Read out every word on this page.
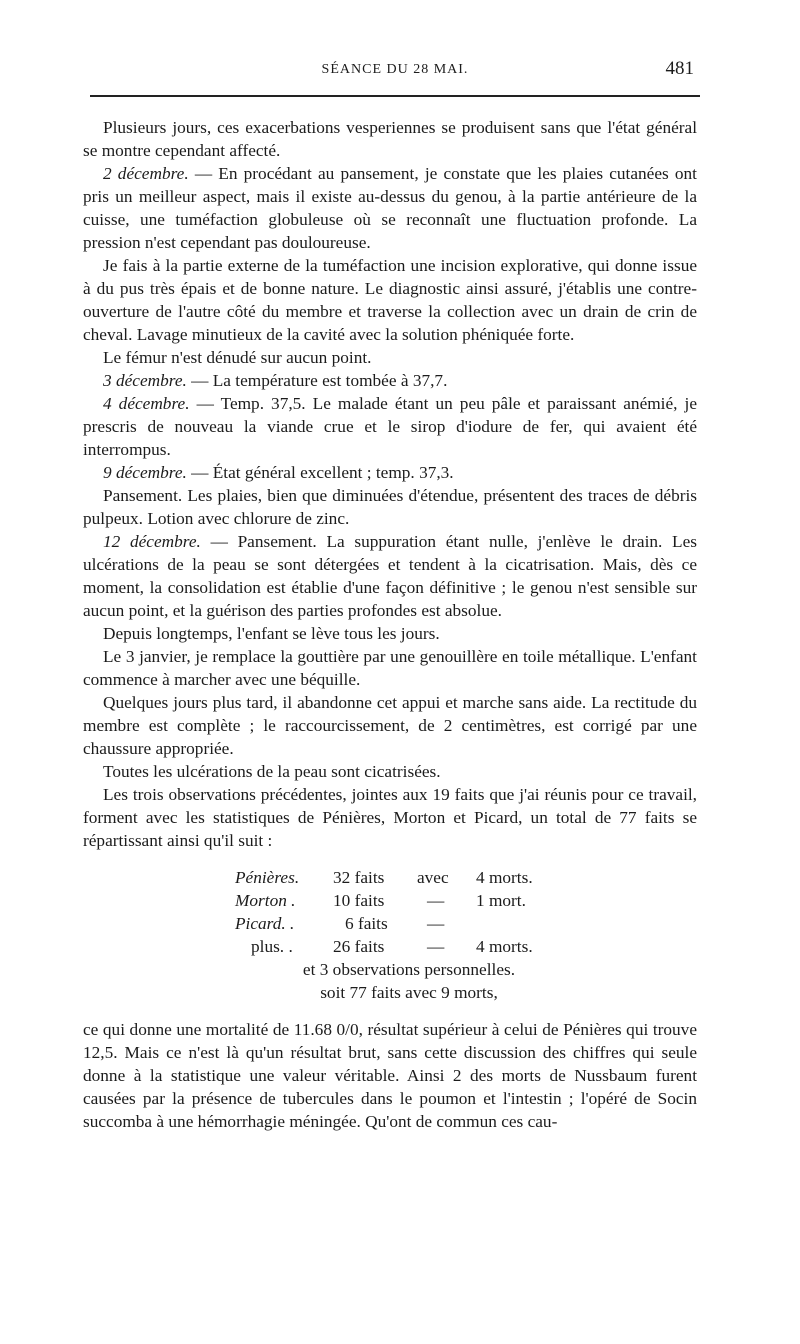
SÉANCE DU 28 MAI.	481

Plusieurs jours, ces exacerbations vesperiennes se produisent sans que l'état général se montre cependant affecté.

2 décembre. — En procédant au pansement, je constate que les plaies cutanées ont pris un meilleur aspect, mais il existe au-dessus du genou, à la partie antérieure de la cuisse, une tuméfaction globuleuse où se reconnaît une fluctuation profonde. La pression n'est cependant pas douloureuse.

Je fais à la partie externe de la tuméfaction une incision explorative, qui donne issue à du pus très épais et de bonne nature. Le diagnostic ainsi assuré, j'établis une contre-ouverture de l'autre côté du membre et traverse la collection avec un drain de crin de cheval. Lavage minutieux de la cavité avec la solution phéniquée forte.

Le fémur n'est dénudé sur aucun point.

3 décembre. — La température est tombée à 37,7.

4 décembre. — Temp. 37,5. Le malade étant un peu pâle et paraissant anémié, je prescris de nouveau la viande crue et le sirop d'iodure de fer, qui avaient été interrompus.

9 décembre. — État général excellent ; temp. 37,3.

Pansement. Les plaies, bien que diminuées d'étendue, présentent des traces de débris pulpeux. Lotion avec chlorure de zinc.

12 décembre. — Pansement. La suppuration étant nulle, j'enlève le drain. Les ulcérations de la peau se sont détergées et tendent à la cicatrisation. Mais, dès ce moment, la consolidation est établie d'une façon définitive ; le genou n'est sensible sur aucun point, et la guérison des parties profondes est absolue.

Depuis longtemps, l'enfant se lève tous les jours.

Le 3 janvier, je remplace la gouttière par une genouillère en toile métallique. L'enfant commence à marcher avec une béquille.

Quelques jours plus tard, il abandonne cet appui et marche sans aide. La rectitude du membre est complète ; le raccourcissement, de 2 centimètres, est corrigé par une chaussure appropriée.

Toutes les ulcérations de la peau sont cicatrisées.

Les trois observations précédentes, jointes aux 19 faits que j'ai réunis pour ce travail, forment avec les statistiques de Pénières, Morton et Picard, un total de 77 faits se répartissant ainsi qu'il suit :

Pénières. 32 faits avec 4 morts.
Morton . 10 faits — 1 mort.
Picard. .	6 faits —
plus. . 26 faits — 4 morts.
et 3 observations personnelles.
soit 77 faits avec 9 morts,

ce qui donne une mortalité de 11.68 0/0, résultat supérieur à celui de Pénières qui trouve 12,5. Mais ce n'est là qu'un résultat brut, sans cette discussion des chiffres qui seule donne à la statistique une valeur véritable. Ainsi 2 des morts de Nussbaum furent causées par la présence de tubercules dans le poumon et l'intestin ; l'opéré de Socin succomba à une hémorrhagie méningée. Qu'ont de commun ces cau-
